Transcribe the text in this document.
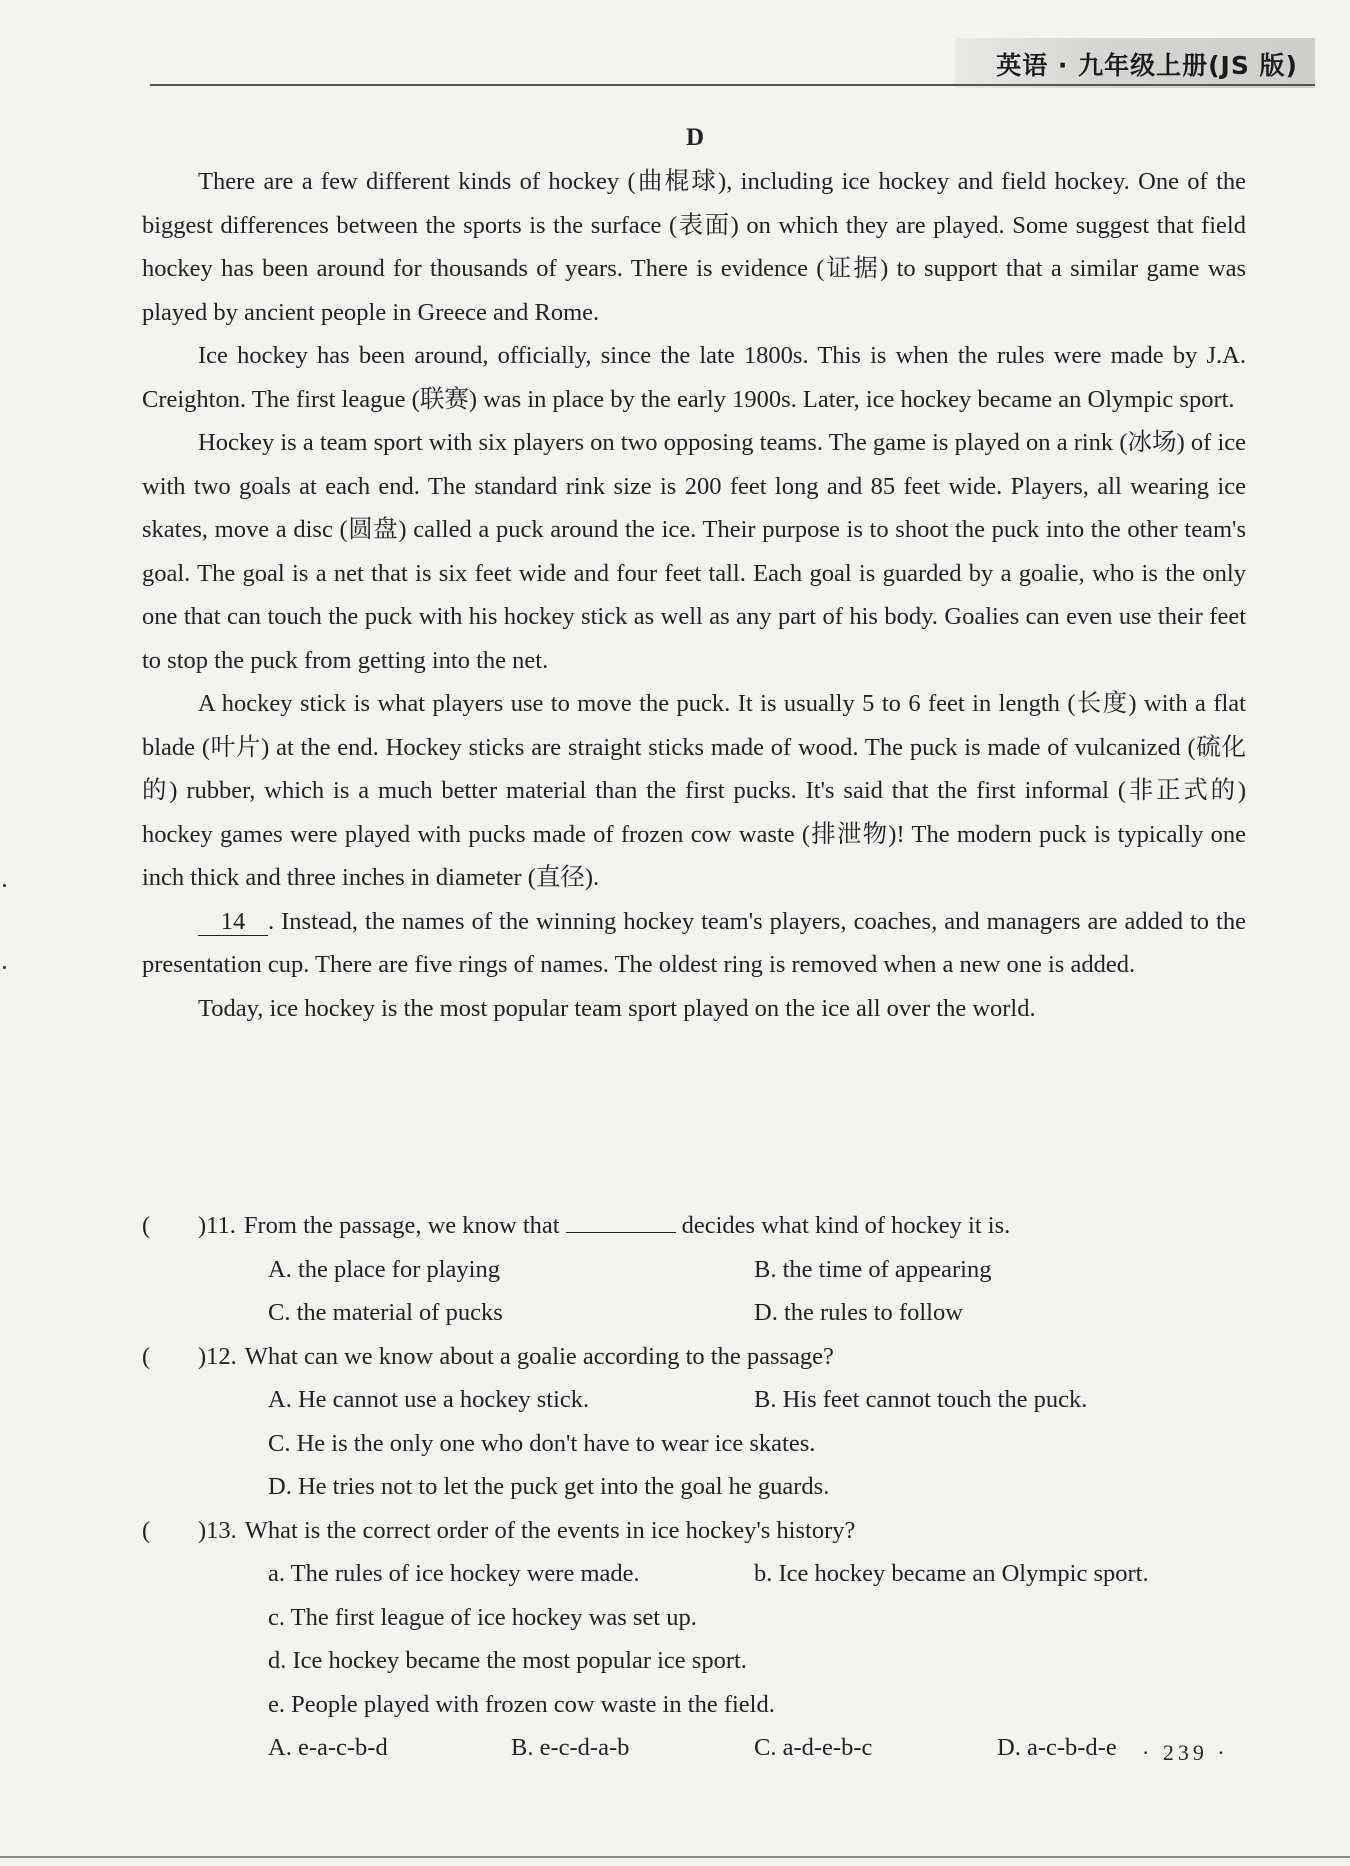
英语 · 九年级上册(JS 版)
D

There are a few different kinds of hockey (曲棍球), including ice hockey and field hockey. One of the biggest differences between the sports is the surface (表面) on which they are played. Some suggest that field hockey has been around for thousands of years. There is evidence (证据) to support that a similar game was played by ancient people in Greece and Rome.

Ice hockey has been around, officially, since the late 1800s. This is when the rules were made by J.A. Creighton. The first league (联赛) was in place by the early 1900s. Later, ice hockey became an Olympic sport.

Hockey is a team sport with six players on two opposing teams. The game is played on a rink (冰场) of ice with two goals at each end. The standard rink size is 200 feet long and 85 feet wide. Players, all wearing ice skates, move a disc (圆盘) called a puck around the ice. Their purpose is to shoot the puck into the other team's goal. The goal is a net that is six feet wide and four feet tall. Each goal is guarded by a goalie, who is the only one that can touch the puck with his hockey stick as well as any part of his body. Goalies can even use their feet to stop the puck from getting into the net.

A hockey stick is what players use to move the puck. It is usually 5 to 6 feet in length (长度) with a flat blade (叶片) at the end. Hockey sticks are straight sticks made of wood. The puck is made of vulcanized (硫化的) rubber, which is a much better material than the first pucks. It's said that the first informal (非正式的) hockey games were played with pucks made of frozen cow waste (排泄物)! The modern puck is typically one inch thick and three inches in diameter (直径).

14 . Instead, the names of the winning hockey team's players, coaches, and managers are added to the presentation cup. There are five rings of names. The oldest ring is removed when a new one is added.

Today, ice hockey is the most popular team sport played on the ice all over the world.

(	) 11. From the passage, we know that	decides what kind of hockey it is.
A. the place for playing	B. the time of appearing
C. the material of pucks	D. the rules to follow
(	) 12. What can we know about a goalie according to the passage?
A. He cannot use a hockey stick.	B. His feet cannot touch the puck.
C. He is the only one who don't have to wear ice skates.
D. He tries not to let the puck get into the goal he guards.
(	) 13. What is the correct order of the events in ice hockey's history?
a. The rules of ice hockey were made.	b. Ice hockey became an Olympic sport.
c. The first league of ice hockey was set up.
d. Ice hockey became the most popular ice sport.
e. People played with frozen cow waste in the field.
A. e-a-c-b-d	B. e-c-d-a-b	C. a-d-e-b-c	D. a-c-b-d-e	· 239 ·
